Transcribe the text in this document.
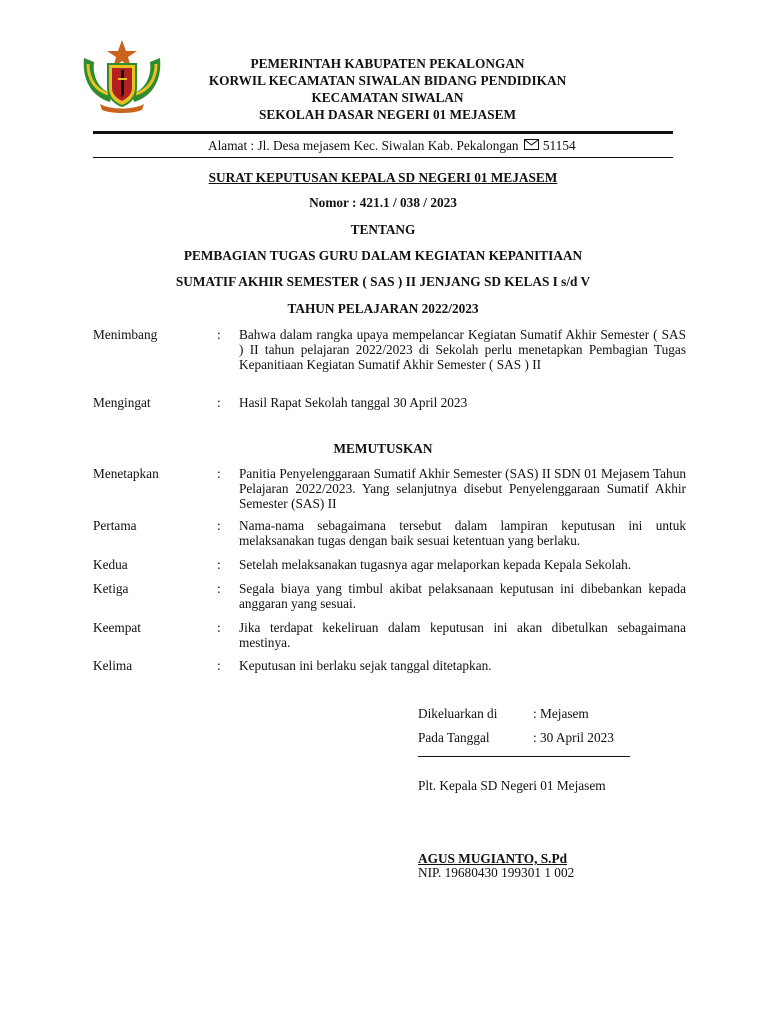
PEMERINTAH KABUPATEN PEKALONGAN
KORWIL KECAMATAN SIWALAN BIDANG PENDIDIKAN
KECAMATAN SIWALAN
SEKOLAH DASAR NEGERI 01 MEJASEM
Alamat : Jl. Desa mejasem Kec. Siwalan Kab. Pekalongan 51154
SURAT KEPUTUSAN KEPALA SD NEGERI 01 MEJASEM
Nomor : 421.1 / 038 / 2023
TENTANG
PEMBAGIAN TUGAS GURU DALAM KEGIATAN KEPANITIAAN
SUMATIF AKHIR SEMESTER ( SAS ) II JENJANG SD KELAS I s/d V
TAHUN PELAJARAN 2022/2023
Menimbang	: Bahwa dalam rangka upaya mempelancar Kegiatan Sumatif Akhir Semester ( SAS ) II tahun pelajaran 2022/2023 di Sekolah perlu menetapkan Pembagian Tugas Kepanitiaan Kegiatan Sumatif Akhir Semester ( SAS ) II
Mengingat	: Hasil Rapat Sekolah tanggal 30 April 2023
MEMUTUSKAN
Menetapkan	: Panitia Penyelenggaraan Sumatif Akhir Semester (SAS) II SDN 01 Mejasem Tahun Pelajaran 2022/2023. Yang selanjutnya disebut Penyelenggaraan Sumatif Akhir Semester (SAS) II
Pertama	: Nama-nama sebagaimana tersebut dalam lampiran keputusan ini untuk melaksanakan tugas dengan baik sesuai ketentuan yang berlaku.
Kedua	: Setelah melaksanakan tugasnya agar melaporkan kepada Kepala Sekolah.
Ketiga	: Segala biaya yang timbul akibat pelaksanaan keputusan ini dibebankan kepada anggaran yang sesuai.
Keempat	: Jika terdapat kekeliruan dalam keputusan ini akan dibetulkan sebagaimana mestinya.
Kelima	: Keputusan ini berlaku sejak tanggal ditetapkan.
Dikeluarkan di	: Mejasem
Pada Tanggal	: 30 April 2023
Plt. Kepala SD Negeri 01 Mejasem
AGUS MUGIANTO, S.Pd
NIP. 19680430 199301 1 002
